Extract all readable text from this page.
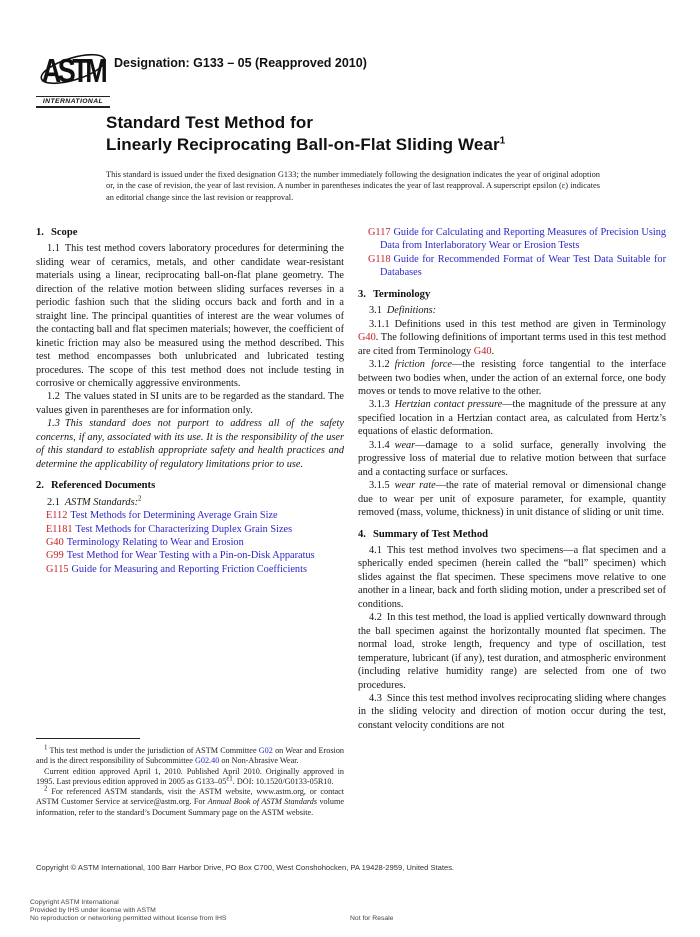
ASTM
INTERNATIONAL
Designation: G133 – 05 (Reapproved 2010)
Standard Test Method for
Linearly Reciprocating Ball-on-Flat Sliding Wear$^1$
This standard is issued under the fixed designation G133; the number immediately following the designation indicates the year of original adoption or, in the case of revision, the year of last revision. A number in parentheses indicates the year of last reapproval. A superscript epsilon (ε) indicates an editorial change since the last revision or reapproval.
1. Scope

1.1 This test method covers laboratory procedures for determining the sliding wear of ceramics, metals, and other candidate wear-resistant materials using a linear, reciprocating ball-on-flat plane geometry. The direction of the relative motion between sliding surfaces reverses in a periodic fashion such that the sliding occurs back and forth and in a straight line. The principal quantities of interest are the wear volumes of the contacting ball and flat specimen materials; however, the coefficient of kinetic friction may also be measured using the method described. This test method encompasses both unlubricated and lubricated testing procedures. The scope of this test method does not include testing in corrosive or chemically aggressive environments.

1.2 The values stated in SI units are to be regarded as the standard. The values given in parentheses are for information only.

1.3 This standard does not purport to address all of the safety concerns, if any, associated with its use. It is the responsibility of the user of this standard to establish appropriate safety and health practices and determine the applicability of regulatory limitations prior to use.

2. Referenced Documents

2.1 ASTM Standards:$^2$

E112 Test Methods for Determining Average Grain Size

E1181 Test Methods for Characterizing Duplex Grain Sizes

G40 Terminology Relating to Wear and Erosion

G99 Test Method for Wear Testing with a Pin-on-Disk Apparatus

G115 Guide for Measuring and Reporting Friction Coefficients

$^1$ This test method is under the jurisdiction of ASTM Committee G02 on Wear and Erosion and is the direct responsibility of Subcommittee G02.40 on Non-Abrasive Wear.

Current edition approved April 1, 2010. Published April 2010. Originally approved in 1995. Last previous edition approved in 2005 as $G133-05^{\varepsilon 1}$. DOI: 10.1520/G0133-05R10.

$^2$ For referenced ASTM standards, visit the ASTM website, www.astm.org, or contact ASTM Customer Service at service@astm.org. For Annual Book of ASTM Standards volume information, refer to the standard’s Document Summary page on the ASTM website.

G117 Guide for Calculating and Reporting Measures of Precision Using Data from Interlaboratory Wear or Erosion Tests

G118 Guide for Recommended Format of Wear Test Data Suitable for Databases

3. Terminology

3.1 Definitions:

3.1.1 Definitions used in this test method are given in Terminology G40. The following definitions of important terms used in this test method are cited from Terminology G40.

3.1.2 friction force—the resisting force tangential to the interface between two bodies when, under the action of an external force, one body moves or tends to move relative to the other.

3.1.3 Hertzian contact pressure—the magnitude of the pressure at any specified location in a Hertzian contact area, as calculated from Hertz’s equations of elastic deformation.

3.1.4 wear—damage to a solid surface, generally involving the progressive loss of material due to relative motion between that surface and a contacting surface or surfaces.

3.1.5 wear rate—the rate of material removal or dimensional change due to wear per unit of exposure parameter, for example, quantity removed (mass, volume, thickness) in unit distance of sliding or unit time.

4. Summary of Test Method

4.1 This test method involves two specimens—a flat specimen and a spherically ended specimen (herein called the “ball” specimen) which slides against the flat specimen. These specimens move relative to one another in a linear, back and forth sliding motion, under a prescribed set of conditions.

4.2 In this test method, the load is applied vertically downward through the ball specimen against the horizontally mounted flat specimen. The normal load, stroke length, frequency and type of oscillation, test temperature, lubricant (if any), test duration, and atmospheric environment (including relative humidity range) are selected from one of two procedures.

4.3 Since this test method involves reciprocating sliding where changes in the sliding velocity and direction of motion occur during the test, constant velocity conditions are not

Copyright © ASTM International, 100 Barr Harbor Drive, PO Box C700, West Conshohocken, PA 19428-2959, United States.
Copyright ASTM International
Provided by IHS under license with ASTM
No reproduction or networking permitted without license from IHS	Not for Resale
